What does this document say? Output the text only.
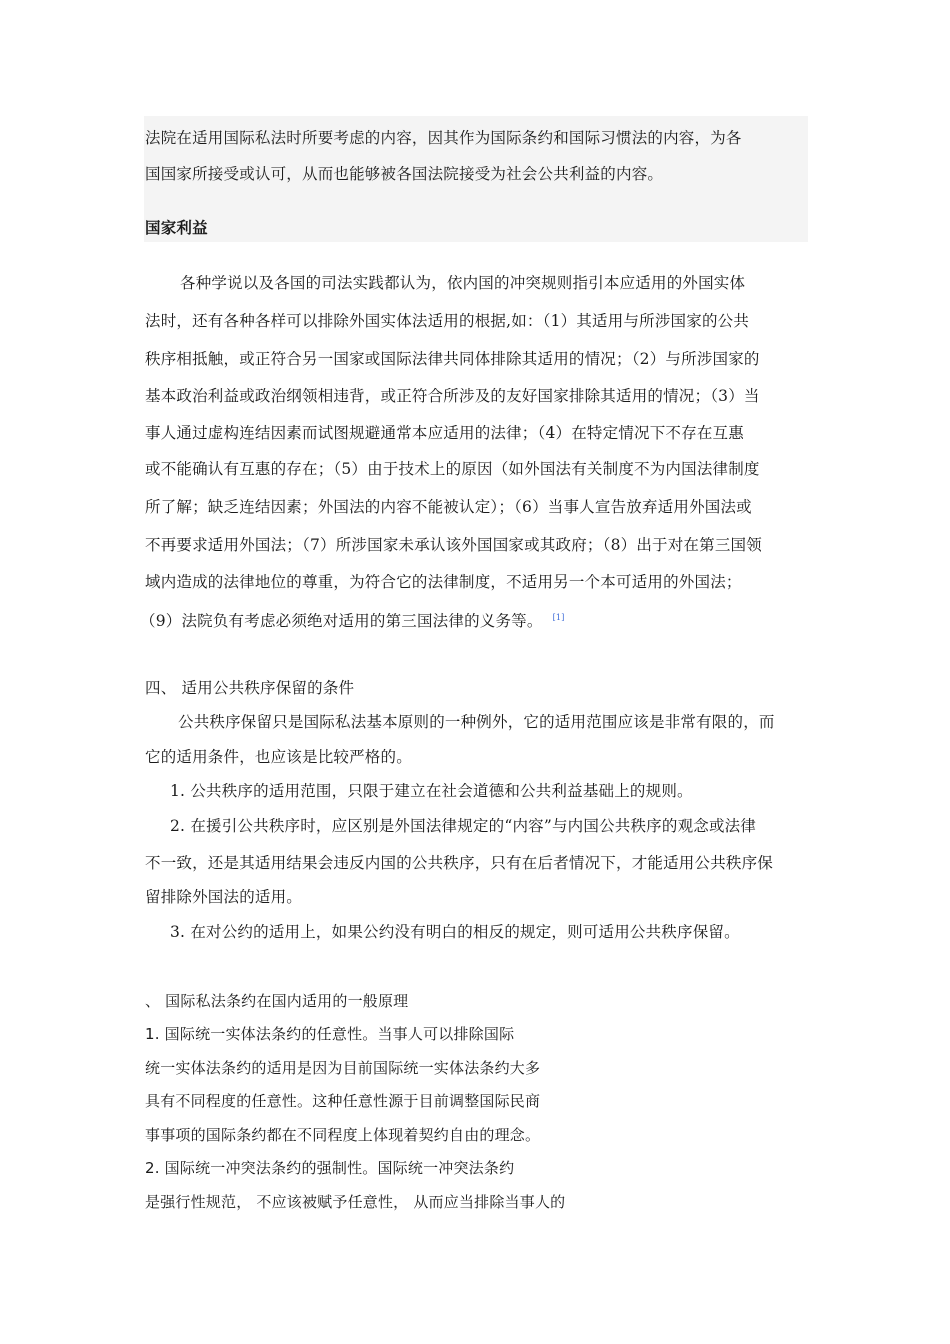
法院在适用国际私法时所要考虑的内容，因其作为国际条约和国际习惯法的内容，为各
国国家所接受或认可，从而也能够被各国法院接受为社会公共利益的内容。
国家利益
各种学说以及各国的司法实践都认为，依内国的冲突规则指引本应适用的外国实体
法时，还有各种各样可以排除外国实体法适用的根据,如：（1）其适用与所涉国家的公共
秩序相抵触，或正符合另一国家或国际法律共同体排除其适用的情况；（2）与所涉国家的
基本政治利益或政治纲领相违背，或正符合所涉及的友好国家排除其适用的情况；（3）当
事人通过虚构连结因素而试图规避通常本应适用的法律；（4）在特定情况下不存在互惠
或不能确认有互惠的存在；（5）由于技术上的原因（如外国法有关制度不为内国法律制度
所了解；缺乏连结因素；外国法的内容不能被认定）；（6）当事人宣告放弃适用外国法或
不再要求适用外国法；（7）所涉国家未承认该外国国家或其政府；（8）出于对在第三国领
域内造成的法律地位的尊重，为符合它的法律制度，不适用另一个本可适用的外国法；
（9）法院负有考虑必须绝对适用的第三国法律的义务等。 [1]
四、 适用公共秩序保留的条件
公共秩序保留只是国际私法基本原则的一种例外，它的适用范围应该是非常有限的，而
它的适用条件，也应该是比较严格的。
1. 公共秩序的适用范围，只限于建立在社会道德和公共利益基础上的规则。
2. 在援引公共秩序时，应区别是外国法律规定的“内容”与内国公共秩序的观念或法律
不一致，还是其适用结果会违反内国的公共秩序，只有在后者情况下，才能适用公共秩序保
留排除外国法的适用。
3. 在对公约的适用上，如果公约没有明白的相反的规定，则可适用公共秩序保留。
、 国际私法条约在国内适用的一般原理
1. 国际统一实体法条约的任意性。当事人可以排除国际
统一实体法条约的适用是因为目前国际统一实体法条约大多
具有不同程度的任意性。这种任意性源于目前调整国际民商
事事项的国际条约都在不同程度上体现着契约自由的理念。
2. 国际统一冲突法条约的强制性。国际统一冲突法条约
是强行性规范， 不应该被赋予任意性， 从而应当排除当事人的
